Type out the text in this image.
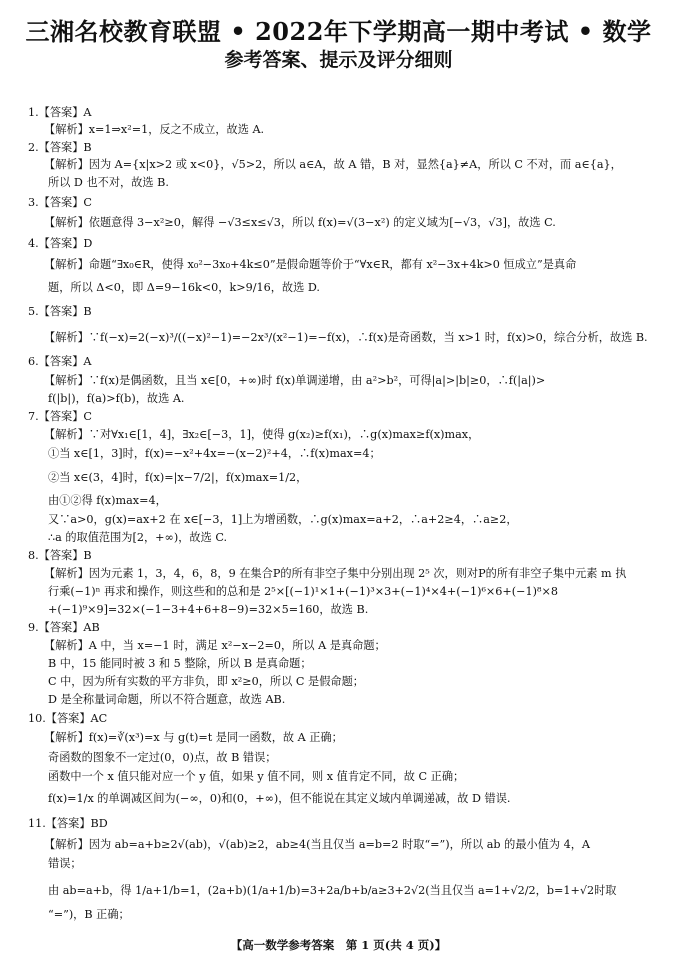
三湘名校教育联盟 • 2022年下学期高一期中考试 • 数学
参考答案、提示及评分细则
1.【答案】A
【解析】x=1⇒x²=1，反之不成立，故选 A.
2.【答案】B
【解析】因为 A={x|x>2 或 x<0}，√5>2，所以 a∈A，故 A 错，B 对，显然{a}≠A，所以 C 不对，而 a∈{a}，
所以 D 也不对，故选 B.
3.【答案】C
【解析】依题意得 3−x²≥0，解得 −√3≤x≤√3，所以 f(x)=√(3−x²) 的定义域为[−√3，√3]，故选 C.
4.【答案】D
【解析】命题“∃x₀∈R，使得 x₀²−3x₀+4k≤0”是假命题等价于“∀x∈R，都有 x²−3x+4k>0 恒成立”是真命
题，所以 Δ<0，即 Δ=9−16k<0，k>9/16，故选 D.
5.【答案】B
【解析】∵f(−x)=2(−x)³/((−x)²−1)=−2x³/(x²−1)=−f(x)，∴f(x)是奇函数，当 x>1 时，f(x)>0，综合分析，故选 B.
6.【答案】A
【解析】∵f(x)是偶函数，且当 x∈[0，+∞)时 f(x)单调递增，由 a²>b²，可得|a|>|b|≥0，∴f(|a|)>
f(|b|)，f(a)>f(b)，故选 A.
7.【答案】C
【解析】∵对∀x₁∈[1，4]，∃x₂∈[−3，1]，使得 g(x₂)≥f(x₁)，∴g(x)max≥f(x)max，
①当 x∈[1，3]时，f(x)=−x²+4x=−(x−2)²+4，∴f(x)max=4；
②当 x∈(3，4]时，f(x)=|x−7/2|，f(x)max=1/2，
由①②得 f(x)max=4，
又∵a>0，g(x)=ax+2 在 x∈[−3，1]上为增函数，∴g(x)max=a+2，∴a+2≥4，∴a≥2，
∴a 的取值范围为[2，+∞)，故选 C.
8.【答案】B
【解析】因为元素 1，3，4，6，8，9 在集合P的所有非空子集中分别出现 2⁵ 次，则对P的所有非空子集中元素 m 执
行乘(−1)ⁿ 再求和操作，则这些和的总和是 2⁵×[(−1)¹×1+(−1)³×3+(−1)⁴×4+(−1)⁶×6+(−1)⁸×8
+(−1)⁹×9]=32×(−1−3+4+6+8−9)=32×5=160，故选 B.
9.【答案】AB
【解析】A 中，当 x=−1 时，满足 x²−x−2=0，所以 A 是真命题；
B 中，15 能同时被 3 和 5 整除，所以 B 是真命题；
C 中，因为所有实数的平方非负，即 x²≥0，所以 C 是假命题；
D 是全称量词命题，所以不符合题意，故选 AB.
10.【答案】AC
【解析】f(x)=∛(x³)=x 与 g(t)=t 是同一函数，故 A 正确；
奇函数的图象不一定过(0，0)点，故 B 错误；
函数中一个 x 值只能对应一个 y 值，如果 y 值不同，则 x 值肯定不同，故 C 正确；
f(x)=1/x 的单调减区间为(−∞，0)和(0，+∞)，但不能说在其定义域内单调递减，故 D 错误.
11.【答案】BD
【解析】因为 ab=a+b≥2√(ab)，√(ab)≥2，ab≥4(当且仅当 a=b=2 时取“=”)，所以 ab 的最小值为 4，A
错误；
由 ab=a+b，得 1/a+1/b=1，(2a+b)(1/a+1/b)=3+2a/b+b/a≥3+2√2(当且仅当 a=1+√2/2，b=1+√2时取
“=”)，B 正确；
【高一数学参考答案　第 1 页(共 4 页)】
